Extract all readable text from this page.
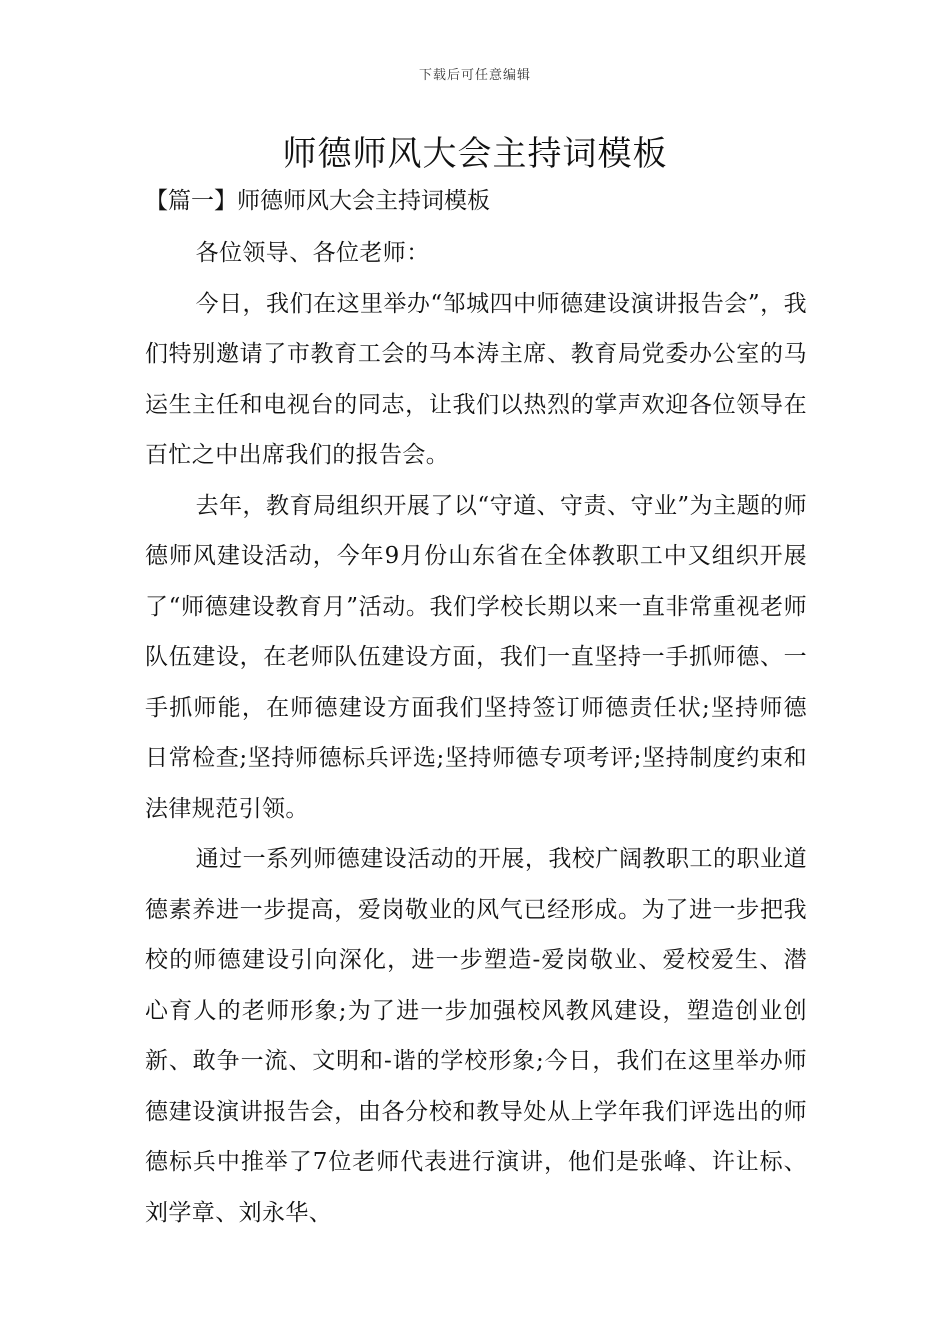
下载后可任意编辑
师德师风大会主持词模板
【篇一】师德师风大会主持词模板

各位领导、各位老师：

今日，我们在这里举办“邹城四中师德建设演讲报告会”，我们特别邀请了市教育工会的马本涛主席、教育局党委办公室的马运生主任和电视台的同志，让我们以热烈的掌声欢迎各位领导在百忙之中出席我们的报告会。

去年，教育局组织开展了以“守道、守责、守业”为主题的师德师风建设活动，今年9月份山东省在全体教职工中又组织开展了“师德建设教育月”活动。我们学校长期以来一直非常重视老师队伍建设，在老师队伍建设方面，我们一直坚持一手抓师德、一手抓师能，在师德建设方面我们坚持签订师德责任状;坚持师德日常检查;坚持师德标兵评选;坚持师德专项考评;坚持制度约束和法律规范引领。

通过一系列师德建设活动的开展，我校广阔教职工的职业道德素养进一步提高，爱岗敬业的风气已经形成。为了进一步把我校的师德建设引向深化，进一步塑造-爱岗敬业、爱校爱生、潜心育人的老师形象;为了进一步加强校风教风建设，塑造创业创新、敢争一流、文明和-谐的学校形象;今日，我们在这里举办师德建设演讲报告会，由各分校和教导处从上学年我们评选出的师德标兵中推举了7位老师代表进行演讲，他们是张峰、许让标、刘学章、刘永华、
